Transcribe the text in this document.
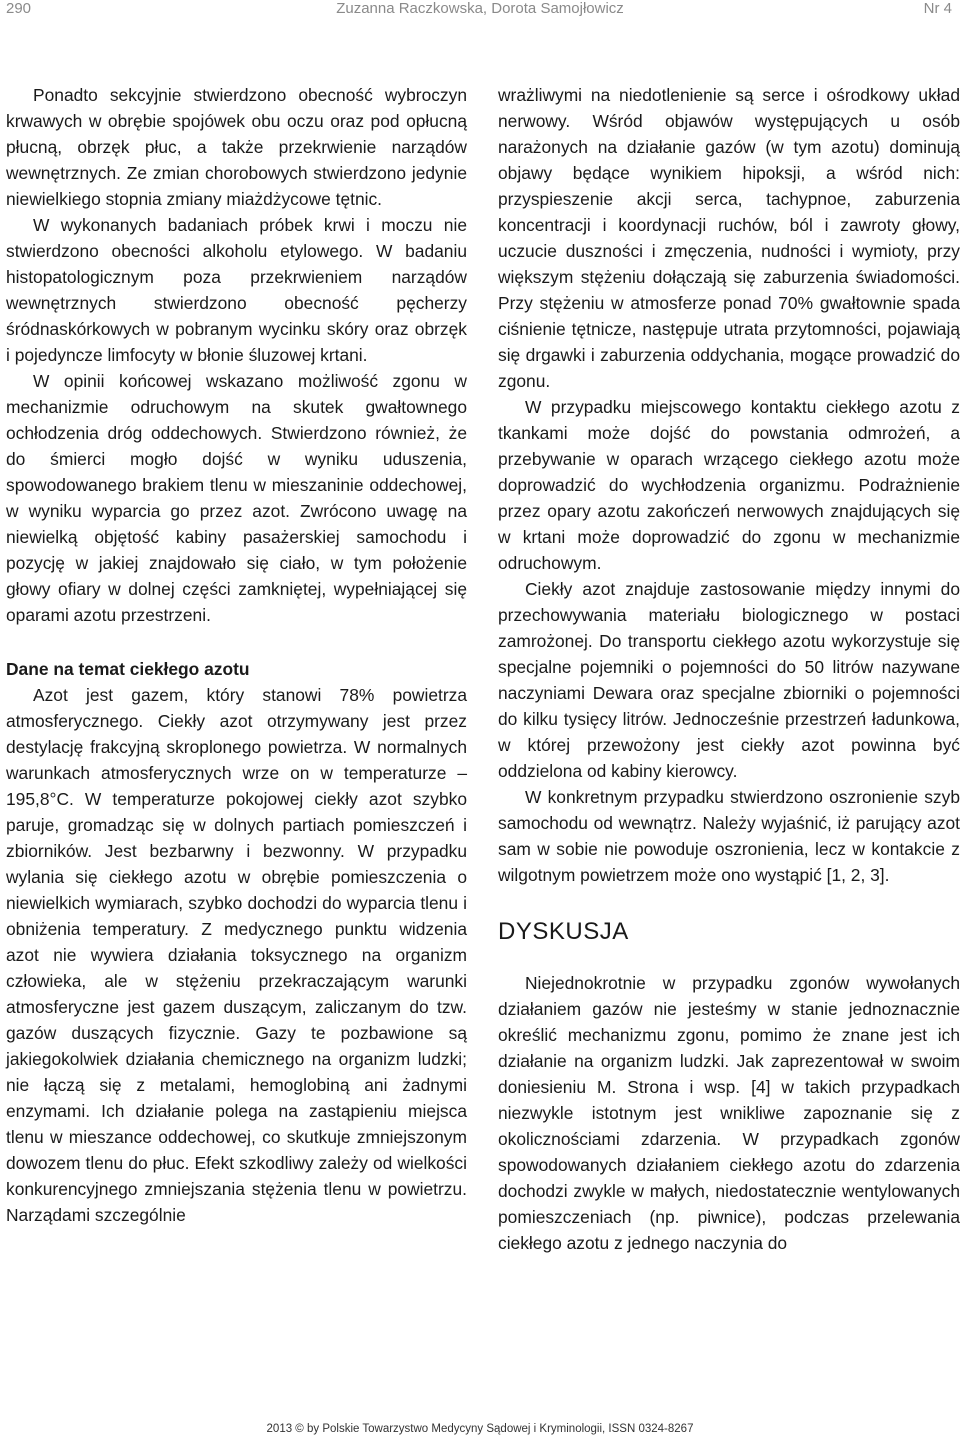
290	Zuzanna Raczkowska, Dorota Samojłowicz	Nr 4

Ponadto sekcyjnie stwierdzono obecność wybroczyn krwawych w obrębie spojówek obu oczu oraz pod opłucną płucną, obrzęk płuc, a także przekrwienie narządów wewnętrznych. Ze zmian chorobowych stwierdzono jedynie niewielkiego stopnia zmiany miażdżycowe tętnic.

W wykonanych badaniach próbek krwi i moczu nie stwierdzono obecności alkoholu etylowego. W badaniu histopatologicznym poza przekrwieniem narządów wewnętrznych stwierdzono obecność pęcherzy śródnaskórkowych w pobranym wycinku skóry oraz obrzęk i pojedyncze limfocyty w błonie śluzowej krtani.

W opinii końcowej wskazano możliwość zgonu w mechanizmie odruchowym na skutek gwałtownego ochłodzenia dróg oddechowych. Stwierdzono również, że do śmierci mogło dojść w wyniku uduszenia, spowodowanego brakiem tlenu w mieszaninie oddechowej, w wyniku wyparcia go przez azot. Zwrócono uwagę na niewielką objętość kabiny pasażerskiej samochodu i pozycję w jakiej znajdowało się ciało, w tym położenie głowy ofiary w dolnej części zamkniętej, wypełniającej się oparami azotu przestrzeni.

Dane na temat ciekłego azotu

Azot jest gazem, który stanowi 78% powietrza atmosferycznego. Ciekły azot otrzymywany jest przez destylację frakcyjną skroplonego powietrza. W normalnych warunkach atmosferycznych wrze on w temperaturze –195,8°C. W temperaturze pokojowej ciekły azot szybko paruje, gromadząc się w dolnych partiach pomieszczeń i zbiorników. Jest bezbarwny i bezwonny. W przypadku wylania się ciekłego azotu w obrębie pomieszczenia o niewielkich wymiarach, szybko dochodzi do wyparcia tlenu i obniżenia temperatury. Z medycznego punktu widzenia azot nie wywiera działania toksycznego na organizm człowieka, ale w stężeniu przekraczającym warunki atmosferyczne jest gazem duszącym, zaliczanym do tzw. gazów duszących fizycznie. Gazy te pozbawione są jakiegokolwiek działania chemicznego na organizm ludzki; nie łączą się z metalami, hemoglobiną ani żadnymi enzymami. Ich działanie polega na zastąpieniu miejsca tlenu w mieszance oddechowej, co skutkuje zmniejszonym dowozem tlenu do płuc. Efekt szkodliwy zależy od wielkości konkurencyjnego zmniejszania stężenia tlenu w powietrzu. Narządami szczególnie

wrażliwymi na niedotlenienie są serce i ośrodkowy układ nerwowy. Wśród objawów występujących u osób narażonych na działanie gazów (w tym azotu) dominują objawy będące wynikiem hipoksji, a wśród nich: przyspieszenie akcji serca, tachypnoe, zaburzenia koncentracji i koordynacji ruchów, ból i zawroty głowy, uczucie duszności i zmęczenia, nudności i wymioty, przy większym stężeniu dołączają się zaburzenia świadomości. Przy stężeniu w atmosferze ponad 70% gwałtownie spada ciśnienie tętnicze, następuje utrata przytomności, pojawiają się drgawki i zaburzenia oddychania, mogące prowadzić do zgonu.

W przypadku miejscowego kontaktu ciekłego azotu z tkankami może dojść do powstania odmrożeń, a przebywanie w oparach wrzącego ciekłego azotu może doprowadzić do wychłodzenia organizmu. Podrażnienie przez opary azotu zakończeń nerwowych znajdujących się w krtani może doprowadzić do zgonu w mechanizmie odruchowym.

Ciekły azot znajduje zastosowanie między innymi do przechowywania materiału biologicznego w postaci zamrożonej. Do transportu ciekłego azotu wykorzystuje się specjalne pojemniki o pojemności do 50 litrów nazywane naczyniami Dewara oraz specjalne zbiorniki o pojemności do kilku tysięcy litrów. Jednocześnie przestrzeń ładunkowa, w której przewożony jest ciekły azot powinna być oddzielona od kabiny kierowcy.

W konkretnym przypadku stwierdzono oszronienie szyb samochodu od wewnątrz. Należy wyjaśnić, iż parujący azot sam w sobie nie powoduje oszronienia, lecz w kontakcie z wilgotnym powietrzem może ono wystąpić [1, 2, 3].

DYSKUSJA

Niejednokrotnie w przypadku zgonów wywołanych działaniem gazów nie jesteśmy w stanie jednoznacznie określić mechanizmu zgonu, pomimo że znane jest ich działanie na organizm ludzki. Jak zaprezentował w swoim doniesieniu M. Strona i wsp. [4] w takich przypadkach niezwykle istotnym jest wnikliwe zapoznanie się z okolicznościami zdarzenia. W przypadkach zgonów spowodowanych działaniem ciekłego azotu do zdarzenia dochodzi zwykle w małych, niedostatecznie wentylowanych pomieszczeniach (np. piwnice), podczas przelewania ciekłego azotu z jednego naczynia do

2013 © by Polskie Towarzystwo Medycyny Sądowej i Kryminologii, ISSN 0324-8267
